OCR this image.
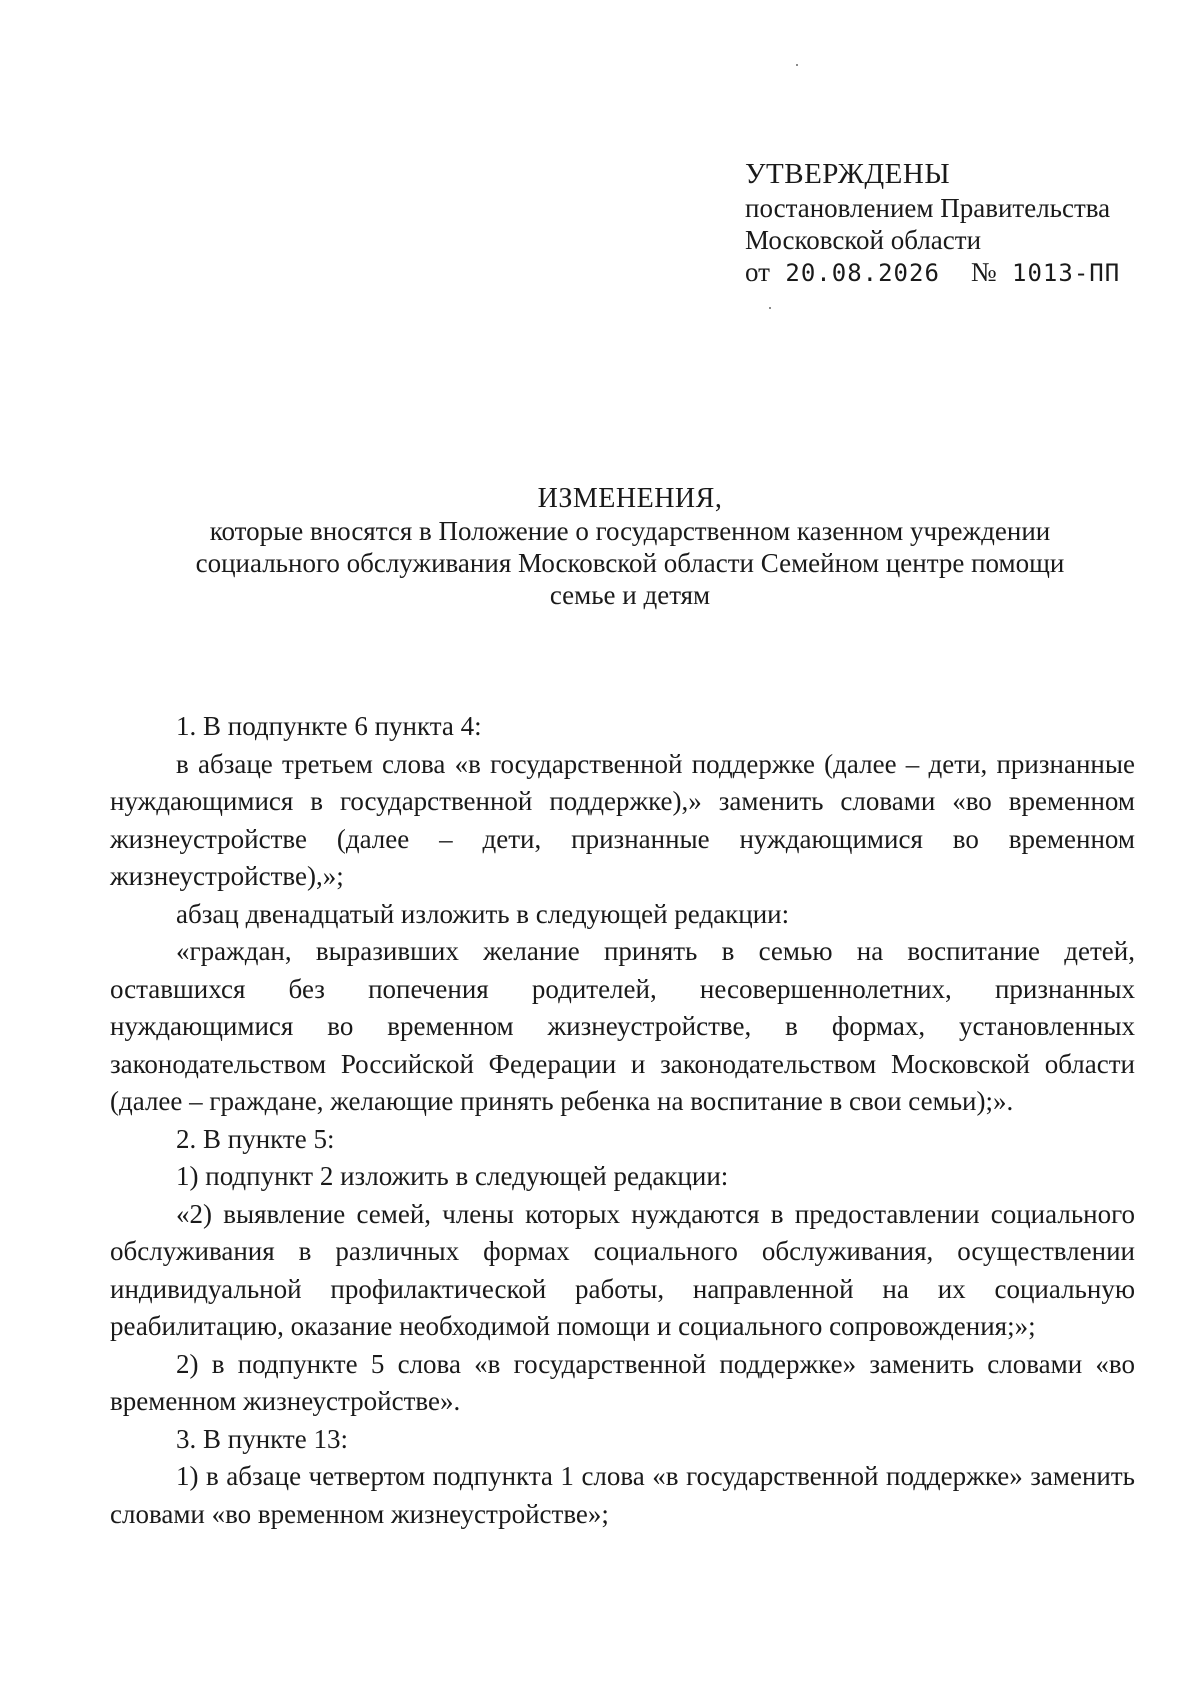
УТВЕРЖДЕНЫ
постановлением Правительства
Московской области
от 20.08.2026 № 1013-ПП
ИЗМЕНЕНИЯ,
которые вносятся в Положение о государственном казенном учреждении
социального обслуживания Московской области Семейном центре помощи
семье и детям

1. В подпункте 6 пункта 4:

в абзаце третьем слова «в государственной поддержке (далее – дети, признанные нуждающимися в государственной поддержке),» заменить словами «во временном жизнеустройстве (далее – дети, признанные нуждающимися во временном жизнеустройстве),»;

абзац двенадцатый изложить в следующей редакции:

«граждан, выразивших желание принять в семью на воспитание детей, оставшихся без попечения родителей, несовершеннолетних, признанных нуждающимися во временном жизнеустройстве, в формах, установленных законодательством Российской Федерации и законодательством Московской области (далее – граждане, желающие принять ребенка на воспитание в свои семьи);».

2. В пункте 5:

1) подпункт 2 изложить в следующей редакции:

«2) выявление семей, члены которых нуждаются в предоставлении социального обслуживания в различных формах социального обслуживания, осуществлении индивидуальной профилактической работы, направленной на их социальную реабилитацию, оказание необходимой помощи и социального сопровождения;»;

2) в подпункте 5 слова «в государственной поддержке» заменить словами «во временном жизнеустройстве».

3. В пункте 13:

1) в абзаце четвертом подпункта 1 слова «в государственной поддержке» заменить словами «во временном жизнеустройстве»;
